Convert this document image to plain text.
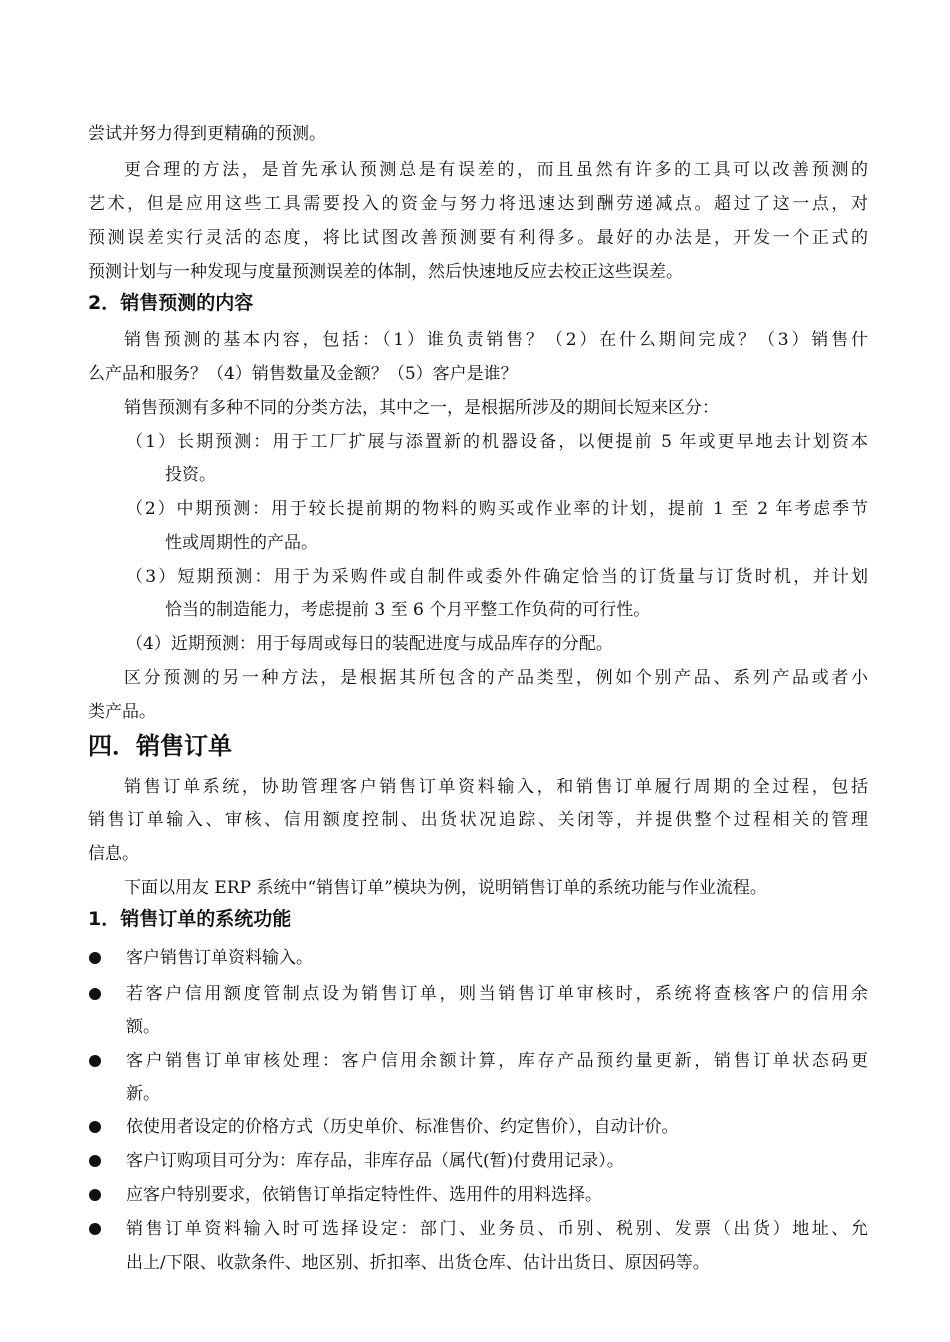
尝试并努力得到更精确的预测。
更合理的方法，是首先承认预测总是有误差的，而且虽然有许多的工具可以改善预测的
艺术，但是应用这些工具需要投入的资金与努力将迅速达到酬劳递减点。超过了这一点，对
预测误差实行灵活的态度，将比试图改善预测要有利得多。最好的办法是，开发一个正式的
预测计划与一种发现与度量预测误差的体制，然后快速地反应去校正这些误差。
2．销售预测的内容
销售预测的基本内容，包括：（1）谁负责销售？（2）在什么期间完成？（3）销售什
么产品和服务？（4）销售数量及金额？（5）客户是谁？
销售预测有多种不同的分类方法，其中之一，是根据所涉及的期间长短来区分：
（1）长期预测：用于工厂扩展与添置新的机器设备，以便提前 5 年或更早地去计划资本
投资。
（2）中期预测：用于较长提前期的物料的购买或作业率的计划，提前 1 至 2 年考虑季节
性或周期性的产品。
（3）短期预测：用于为采购件或自制件或委外件确定恰当的订货量与订货时机，并计划
恰当的制造能力，考虑提前 3 至 6 个月平整工作负荷的可行性。
（4）近期预测：用于每周或每日的装配进度与成品库存的分配。
区分预测的另一种方法，是根据其所包含的产品类型，例如个别产品、系列产品或者小
类产品。
四．销售订单
销售订单系统，协助管理客户销售订单资料输入，和销售订单履行周期的全过程，包括
销售订单输入、审核、信用额度控制、出货状况追踪、关闭等，并提供整个过程相关的管理
信息。
下面以用友 ERP 系统中“销售订单”模块为例，说明销售订单的系统功能与作业流程。
1．销售订单的系统功能
客户销售订单资料输入。
若客户信用额度管制点设为销售订单，则当销售订单审核时，系统将查核客户的信用余
额。
客户销售订单审核处理：客户信用余额计算，库存产品预约量更新，销售订单状态码更
新。
依使用者设定的价格方式（历史单价、标准售价、约定售价），自动计价。
客户订购项目可分为：库存品，非库存品（属代(暂)付费用记录）。
应客户特别要求，依销售订单指定特性件、选用件的用料选择。
销售订单资料输入时可选择设定：部门、业务员、币别、税别、发票（出货）地址、允
出上/下限、收款条件、地区别、折扣率、出货仓库、估计出货日、原因码等。
